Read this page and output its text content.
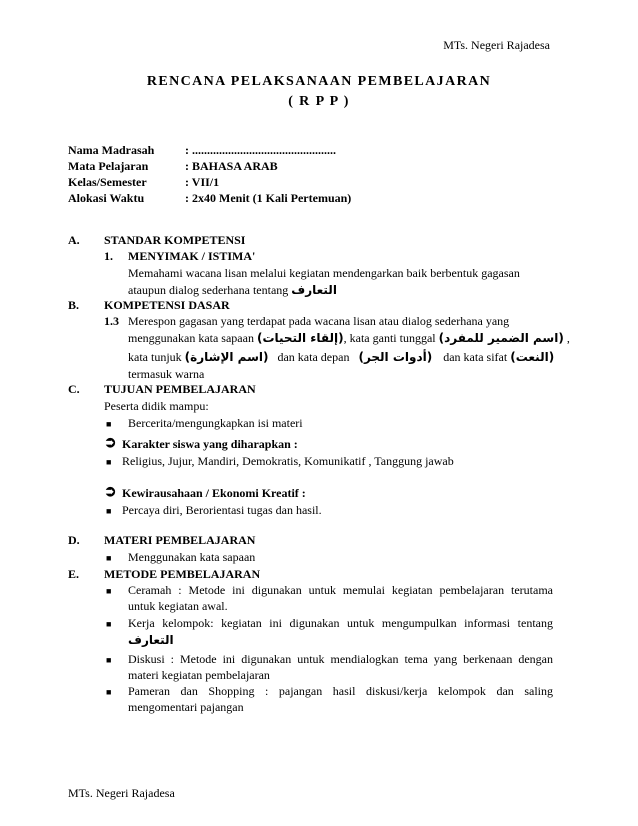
MTs. Negeri Rajadesa
RENCANA PELAKSANAAN PEMBELAJARAN
( R P P )
Nama Madrasah	: ................................................
Mata Pelajaran	: BAHASA ARAB
Kelas/Semester	: VII/1
Alokasi Waktu	: 2x40 Menit (1 Kali Pertemuan)
A. STANDAR KOMPETENSI
1. MENYIMAK / ISTIMA'
Memahami wacana lisan melalui kegiatan mendengarkan baik berbentuk gagasan
ataupun dialog sederhana tentang التعارف
B. KOMPETENSI DASAR
1.3 Merespon gagasan yang terdapat pada wacana lisan atau dialog sederhana yang
menggunakan kata sapaan (إلقاء التحيات), kata ganti tunggal (اسم الضمير للمفرد) ,
kata tunjuk (اسم الإشارة) dan kata depan (أدوات الجر) dan kata sifat (النعت)
termasuk warna
C. TUJUAN PEMBELAJARAN
Peserta didik mampu:
■ Bercerita/mengungkapkan isi materi
➲ Karakter siswa yang diharapkan :
■ Religius, Jujur, Mandiri, Demokratis, Komunikatif , Tanggung jawab
➲ Kewirausahaan / Ekonomi Kreatif :
■ Percaya diri, Berorientasi tugas dan hasil.
D. MATERI PEMBELAJARAN
■ Menggunakan kata sapaan
E. METODE PEMBELAJARAN
■ Ceramah : Metode ini digunakan untuk memulai kegiatan pembelajaran terutama
untuk kegiatan awal.
■ Kerja kelompok: kegiatan ini digunakan untuk mengumpulkan informasi tentang
التعارف
■ Diskusi : Metode ini digunakan untuk mendialogkan tema yang berkenaan dengan
materi kegiatan pembelajaran
■ Pameran dan Shopping : pajangan hasil diskusi/kerja kelompok dan saling
mengomentari pajangan
MTs. Negeri Rajadesa
